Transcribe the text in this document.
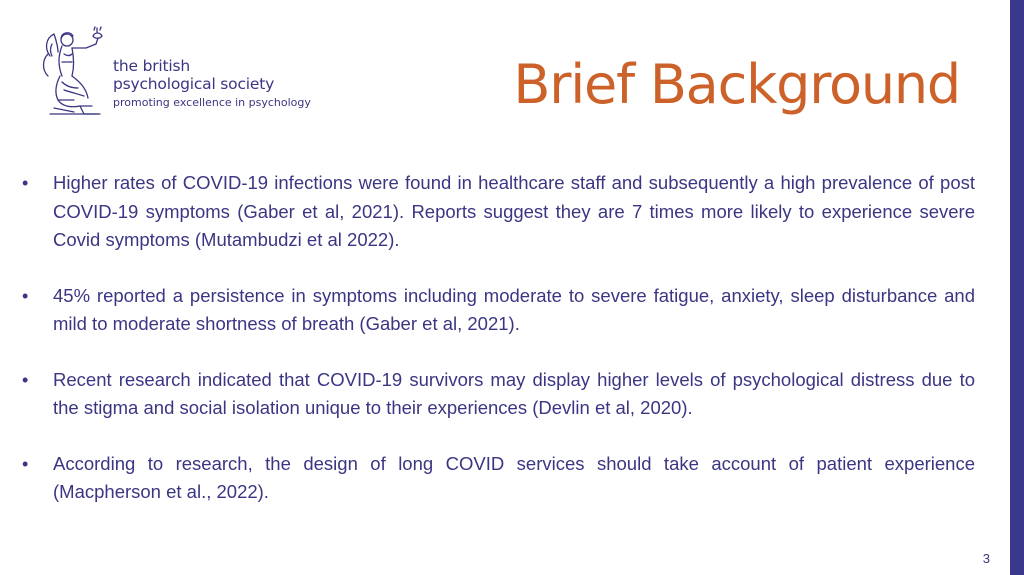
the british
psychological society
promoting excellence in psychology	Brief Background
•	Higher rates of COVID-19 infections were found in healthcare staff and subsequently a high prevalence of post COVID-19 symptoms (Gaber et al, 2021). Reports suggest they are 7 times more likely to experience severe Covid symptoms (Mutambudzi et al 2022).
•	45% reported a persistence in symptoms including moderate to severe fatigue, anxiety, sleep disturbance and mild to moderate shortness of breath (Gaber et al, 2021).
•	Recent research indicated that COVID-19 survivors may display higher levels of psychological distress due to the stigma and social isolation unique to their experiences (Devlin et al, 2020).
•	According to research, the design of long COVID services should take account of patient experience (Macpherson et al., 2022).
3
